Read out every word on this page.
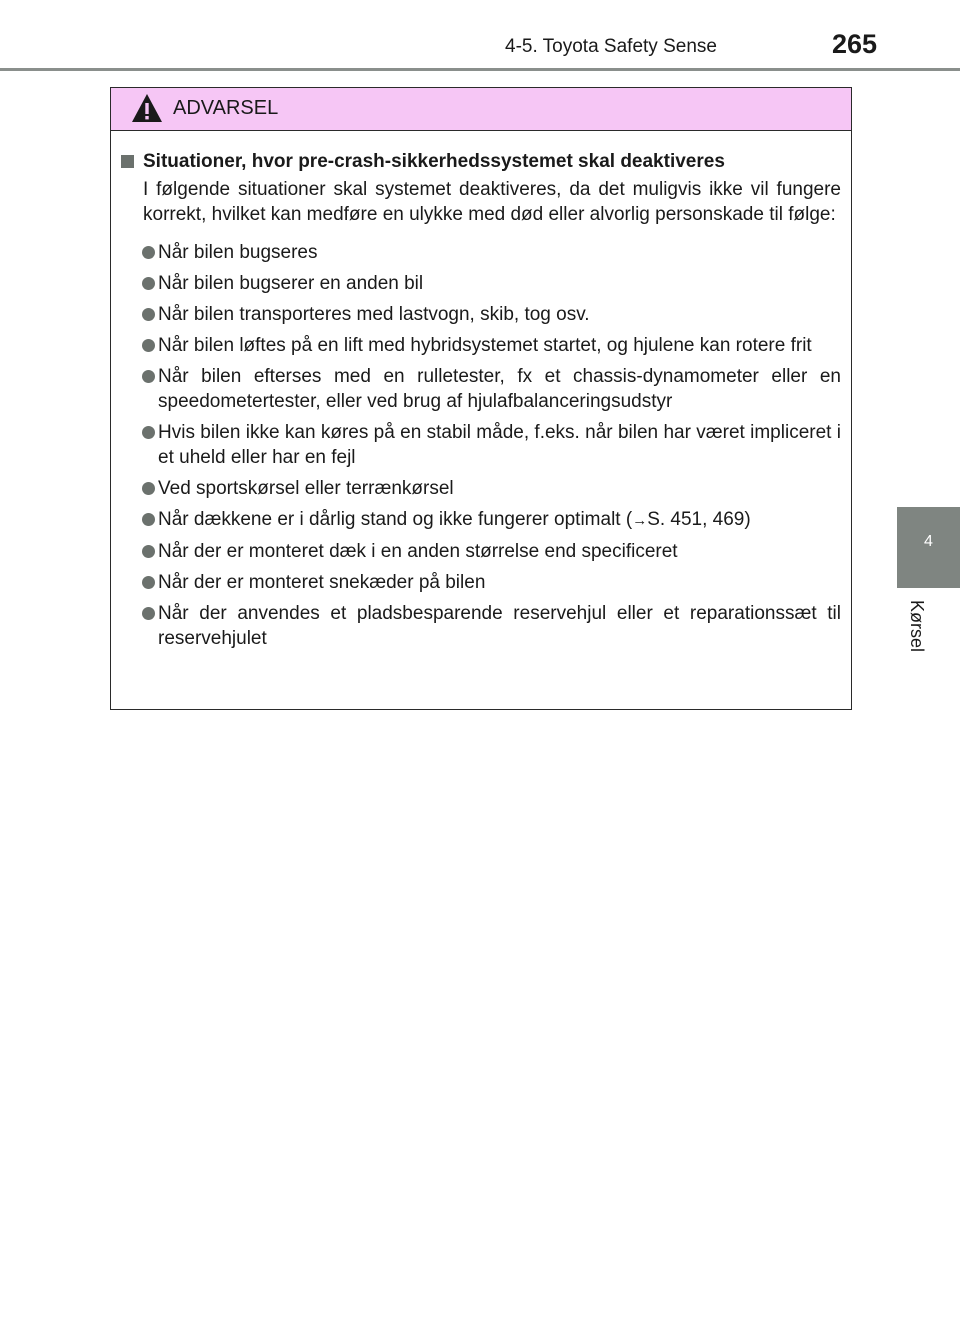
4-5. Toyota Safety Sense	265
4
Kørsel
ADVARSEL
Situationer, hvor pre-crash-sikkerhedssystemet skal deaktiveres
I følgende situationer skal systemet deaktiveres, da det muligvis ikke vil fungere korrekt, hvilket kan medføre en ulykke med død eller alvorlig personskade til følge:
Når bilen bugseres
Når bilen bugserer en anden bil
Når bilen transporteres med lastvogn, skib, tog osv.
Når bilen løftes på en lift med hybridsystemet startet, og hjulene kan rotere frit
Når bilen efterses med en rulletester, fx et chassis-dynamometer eller en speedometertester, eller ved brug af hjulafbalanceringsudstyr
Hvis bilen ikke kan køres på en stabil måde, f.eks. når bilen har været impliceret i et uheld eller har en fejl
Ved sportskørsel eller terrænkørsel
Når dækkene er i dårlig stand og ikke fungerer optimalt (→S. 451, 469)
Når der er monteret dæk i en anden størrelse end specificeret
Når der er monteret snekæder på bilen
Når der anvendes et pladsbesparende reservehjul eller et reparationssæt til reservehjulet
